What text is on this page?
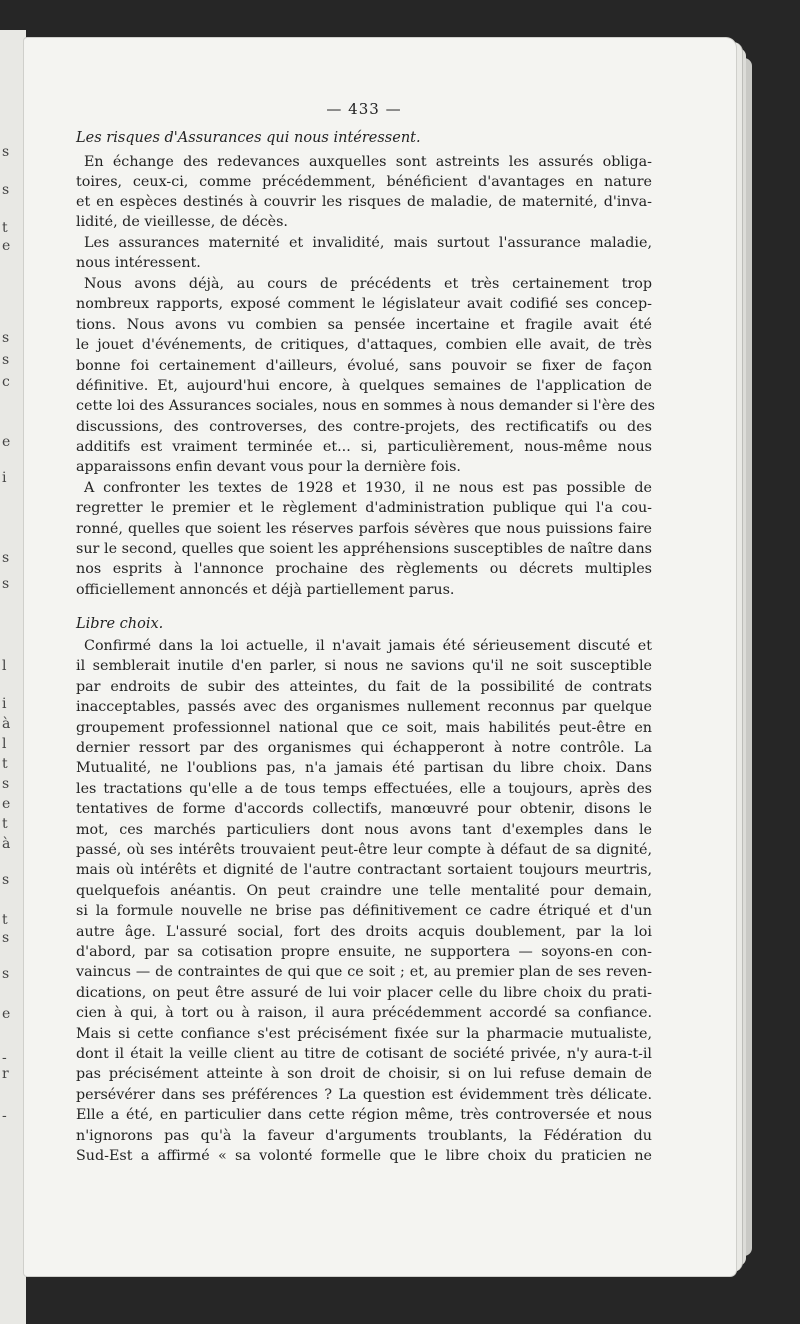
s
s
t
e
s
s
c
e
i
s
s
l
i
à
l
t
s
e
t
à
s
t
s
s
e
-
r
-
— 433 —
Les risques d'Assurances qui nous intéressent.
En échange des redevances auxquelles sont astreints les assurés obliga-
toires, ceux-ci, comme précédemment, bénéficient d'avantages en nature
et en espèces destinés à couvrir les risques de maladie, de maternité, d'inva-
lidité, de vieillesse, de décès.
Les assurances maternité et invalidité, mais surtout l'assurance maladie,
nous intéressent.
Nous avons déjà, au cours de précédents et très certainement trop
nombreux rapports, exposé comment le législateur avait codifié ses concep-
tions. Nous avons vu combien sa pensée incertaine et fragile avait été
le jouet d'événements, de critiques, d'attaques, combien elle avait, de très
bonne foi certainement d'ailleurs, évolué, sans pouvoir se fixer de façon
définitive. Et, aujourd'hui encore, à quelques semaines de l'application de
cette loi des Assurances sociales, nous en sommes à nous demander si l'ère des
discussions, des controverses, des contre-projets, des rectificatifs ou des
additifs est vraiment terminée et... si, particulièrement, nous-même nous
apparaissons enfin devant vous pour la dernière fois.
A confronter les textes de 1928 et 1930, il ne nous est pas possible de
regretter le premier et le règlement d'administration publique qui l'a cou-
ronné, quelles que soient les réserves parfois sévères que nous puissions faire
sur le second, quelles que soient les appréhensions susceptibles de naître dans
nos esprits à l'annonce prochaine des règlements ou décrets multiples
officiellement annoncés et déjà partiellement parus.
Libre choix.
Confirmé dans la loi actuelle, il n'avait jamais été sérieusement discuté et
il semblerait inutile d'en parler, si nous ne savions qu'il ne soit susceptible
par endroits de subir des atteintes, du fait de la possibilité de contrats
inacceptables, passés avec des organismes nullement reconnus par quelque
groupement professionnel national que ce soit, mais habilités peut-être en
dernier ressort par des organismes qui échapperont à notre contrôle. La
Mutualité, ne l'oublions pas, n'a jamais été partisan du libre choix. Dans
les tractations qu'elle a de tous temps effectuées, elle a toujours, après des
tentatives de forme d'accords collectifs, manœuvré pour obtenir, disons le
mot, ces marchés particuliers dont nous avons tant d'exemples dans le
passé, où ses intérêts trouvaient peut-être leur compte à défaut de sa dignité,
mais où intérêts et dignité de l'autre contractant sortaient toujours meurtris,
quelquefois anéantis. On peut craindre une telle mentalité pour demain,
si la formule nouvelle ne brise pas définitivement ce cadre étriqué et d'un
autre âge. L'assuré social, fort des droits acquis doublement, par la loi
d'abord, par sa cotisation propre ensuite, ne supportera — soyons-en con-
vaincus — de contraintes de qui que ce soit ; et, au premier plan de ses reven-
dications, on peut être assuré de lui voir placer celle du libre choix du prati-
cien à qui, à tort ou à raison, il aura précédemment accordé sa confiance.
Mais si cette confiance s'est précisément fixée sur la pharmacie mutualiste,
dont il était la veille client au titre de cotisant de société privée, n'y aura-t-il
pas précisément atteinte à son droit de choisir, si on lui refuse demain de
persévérer dans ses préférences ? La question est évidemment très délicate.
Elle a été, en particulier dans cette région même, très controversée et nous
n'ignorons pas qu'à la faveur d'arguments troublants, la Fédération du
Sud-Est a affirmé « sa volonté formelle que le libre choix du praticien ne
